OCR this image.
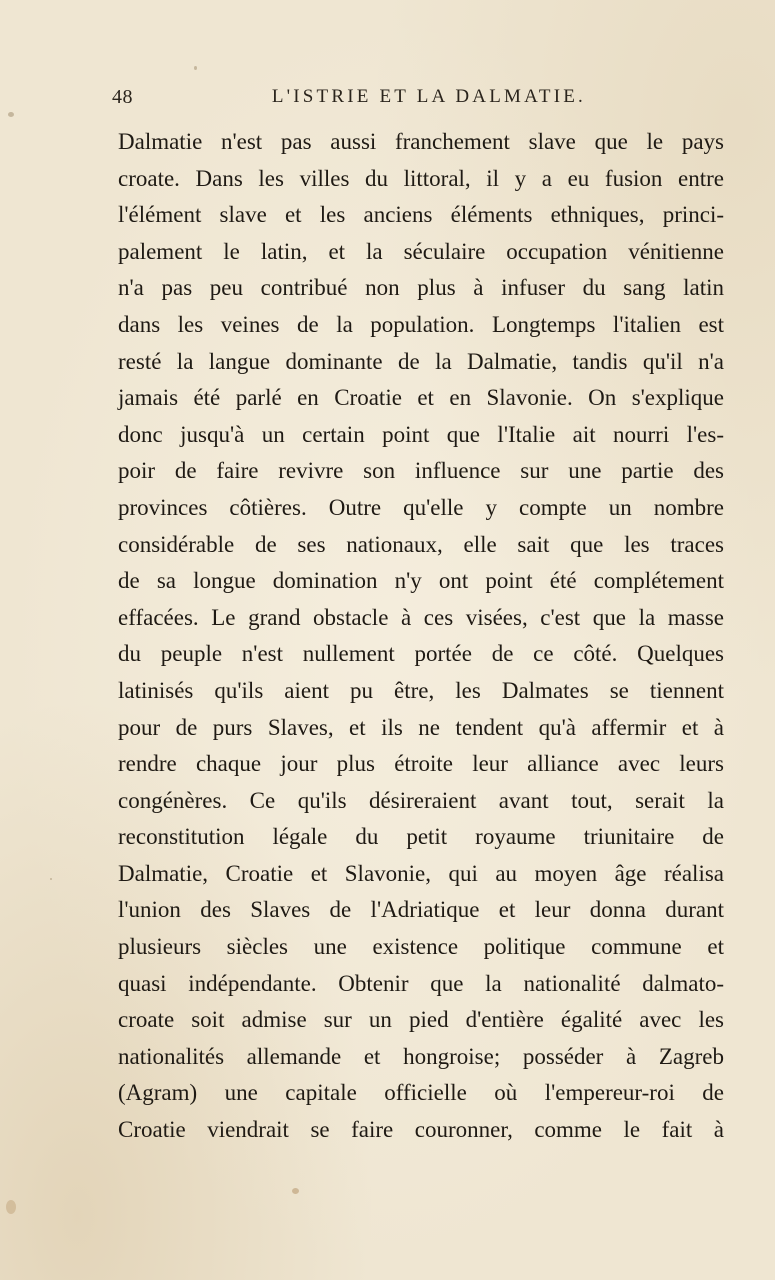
48	L'ISTRIE ET LA DALMATIE.
Dalmatie n'est pas aussi franchement slave que le pays
croate. Dans les villes du littoral, il y a eu fusion entre
l'élément slave et les anciens éléments ethniques, princi-
palement le latin, et la séculaire occupation vénitienne
n'a pas peu contribué non plus à infuser du sang latin
dans les veines de la population. Longtemps l'italien est
resté la langue dominante de la Dalmatie, tandis qu'il n'a
jamais été parlé en Croatie et en Slavonie. On s'explique
donc jusqu'à un certain point que l'Italie ait nourri l'es-
poir de faire revivre son influence sur une partie des
provinces côtières. Outre qu'elle y compte un nombre
considérable de ses nationaux, elle sait que les traces
de sa longue domination n'y ont point été complétement
effacées. Le grand obstacle à ces visées, c'est que la masse
du peuple n'est nullement portée de ce côté. Quelques
latinisés qu'ils aient pu être, les Dalmates se tiennent
pour de purs Slaves, et ils ne tendent qu'à affermir et à
rendre chaque jour plus étroite leur alliance avec leurs
congénères. Ce qu'ils désireraient avant tout, serait la
reconstitution légale du petit royaume triunitaire de
Dalmatie, Croatie et Slavonie, qui au moyen âge réalisa
l'union des Slaves de l'Adriatique et leur donna durant
plusieurs siècles une existence politique commune et
quasi indépendante. Obtenir que la nationalité dalmato-
croate soit admise sur un pied d'entière égalité avec les
nationalités allemande et hongroise; posséder à Zagreb
(Agram) une capitale officielle où l'empereur-roi de
Croatie viendrait se faire couronner, comme le fait à
